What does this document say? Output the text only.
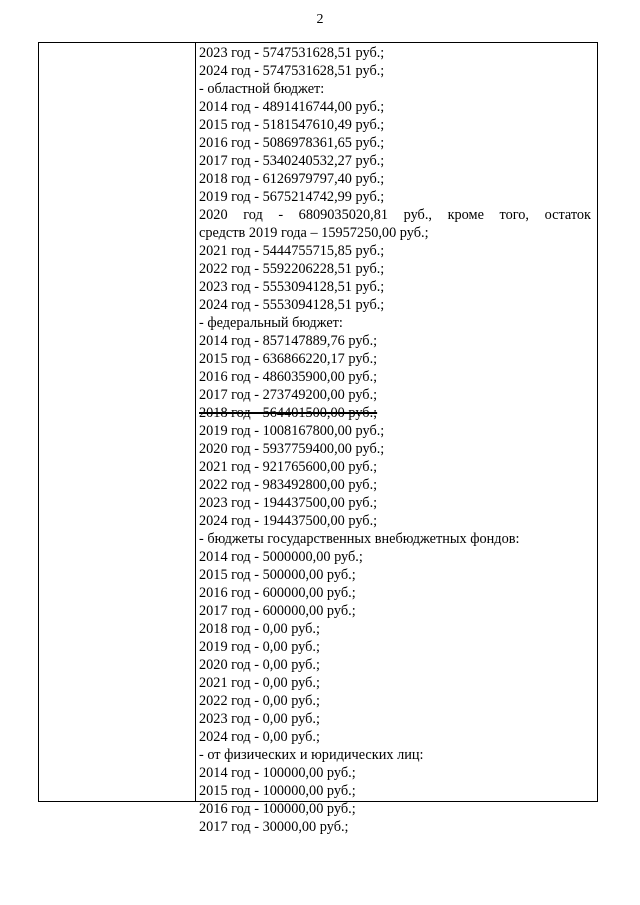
2
2023 год - 5747531628,51 руб.;
2024 год - 5747531628,51 руб.;
- областной бюджет:
2014 год - 4891416744,00 руб.;
2015 год - 5181547610,49 руб.;
2016 год - 5086978361,65 руб.;
2017 год - 5340240532,27 руб.;
2018 год - 6126979797,40 руб.;
2019 год - 5675214742,99 руб.;
2020 год - 6809035020,81 руб., кроме того, остаток
средств 2019 года – 15957250,00 руб.;
2021 год - 5444755715,85 руб.;
2022 год - 5592206228,51 руб.;
2023 год - 5553094128,51 руб.;
2024 год - 5553094128,51 руб.;
- федеральный бюджет:
2014 год - 857147889,76 руб.;
2015 год - 636866220,17 руб.;
2016 год - 486035900,00 руб.;
2017 год - 273749200,00 руб.;
2018 год - 564401500,00 руб.;
2019 год - 1008167800,00 руб.;
2020 год - 5937759400,00 руб.;
2021 год - 921765600,00 руб.;
2022 год - 983492800,00 руб.;
2023 год - 194437500,00 руб.;
2024 год - 194437500,00 руб.;
- бюджеты государственных внебюджетных фондов:
2014 год - 5000000,00 руб.;
2015 год - 500000,00 руб.;
2016 год - 600000,00 руб.;
2017 год - 600000,00 руб.;
2018 год - 0,00 руб.;
2019 год - 0,00 руб.;
2020 год - 0,00 руб.;
2021 год - 0,00 руб.;
2022 год - 0,00 руб.;
2023 год - 0,00 руб.;
2024 год - 0,00 руб.;
- от физических и юридических лиц:
2014 год - 100000,00 руб.;
2015 год - 100000,00 руб.;
2016 год - 100000,00 руб.;
2017 год - 30000,00 руб.;
